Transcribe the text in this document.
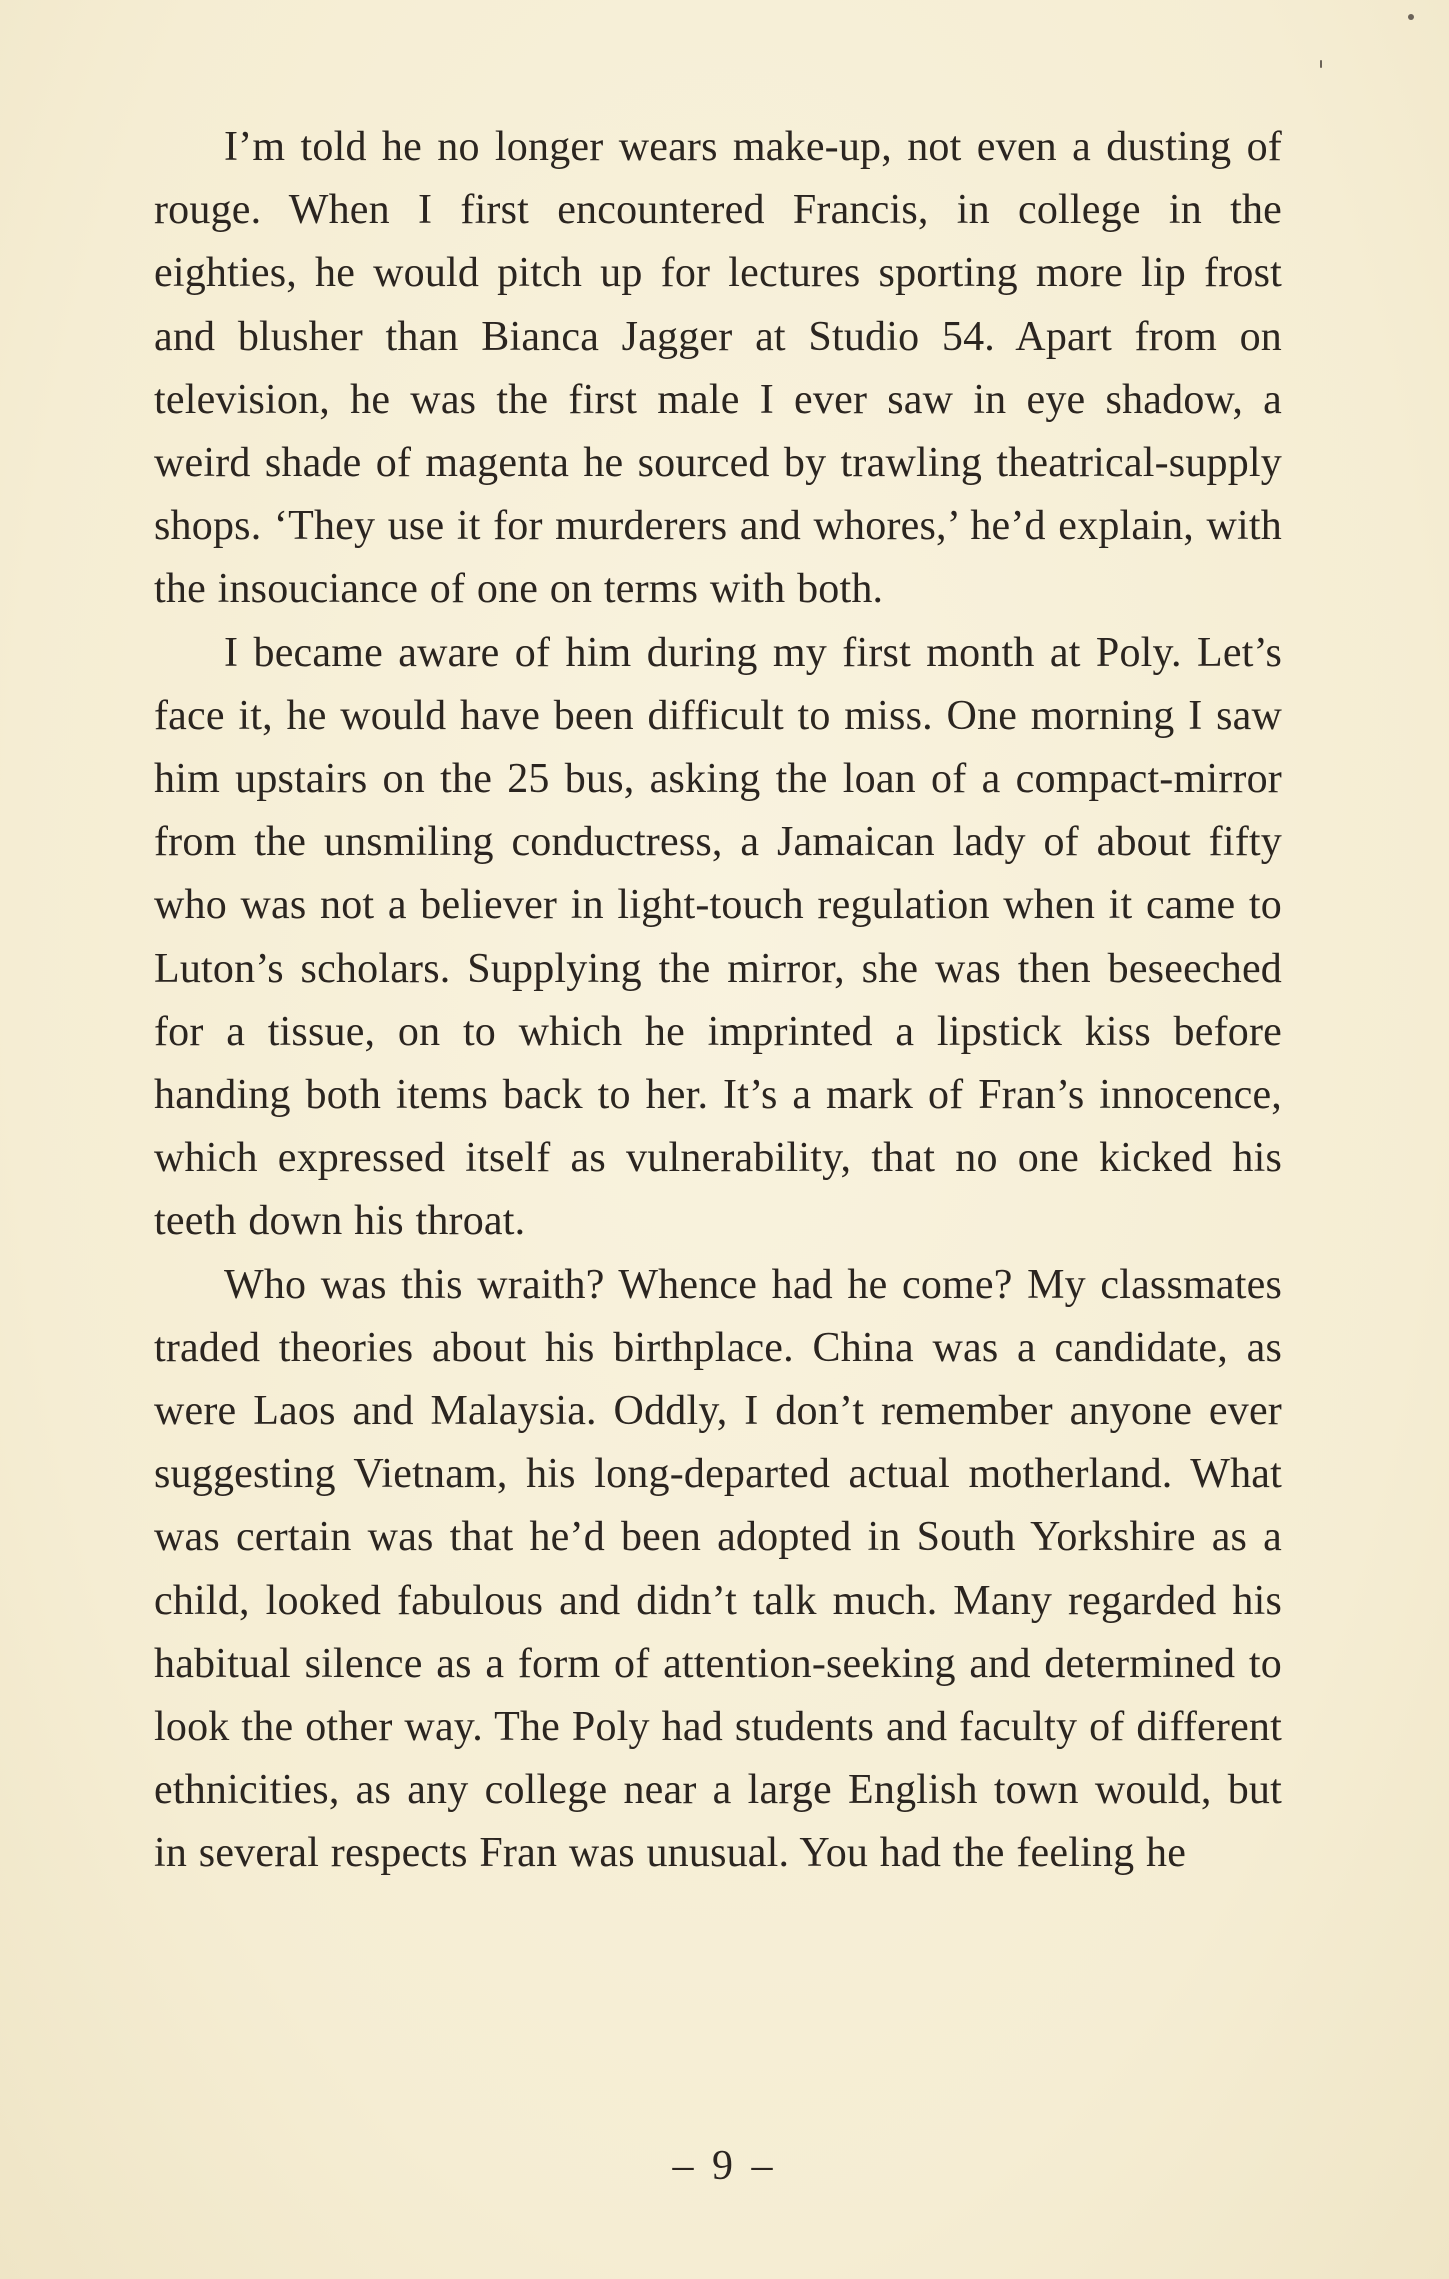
I’m told he no longer wears make-up, not even a dusting of rouge. When I first encountered Francis, in college in the eighties, he would pitch up for lectures sporting more lip frost and blusher than Bianca Jagger at Studio 54. Apart from on television, he was the first male I ever saw in eye shadow, a weird shade of magenta he sourced by trawling theatrical-supply shops. ‘They use it for murderers and whores,’ he’d explain, with the insouciance of one on terms with both.

I became aware of him during my first month at Poly. Let’s face it, he would have been difficult to miss. One morning I saw him upstairs on the 25 bus, asking the loan of a compact-mirror from the unsmiling conductress, a Jamaican lady of about fifty who was not a believer in light-touch regulation when it came to Luton’s scholars. Supplying the mirror, she was then beseeched for a tissue, on to which he imprinted a lipstick kiss before handing both items back to her. It’s a mark of Fran’s innocence, which expressed itself as vulnerability, that no one kicked his teeth down his throat.

Who was this wraith? Whence had he come? My classmates traded theories about his birthplace. China was a candidate, as were Laos and Malaysia. Oddly, I don’t remember anyone ever suggesting Vietnam, his long-departed actual motherland. What was certain was that he’d been adopted in South Yorkshire as a child, looked fabulous and didn’t talk much. Many regarded his habitual silence as a form of attention-seeking and determined to look the other way. The Poly had students and faculty of different ethnicities, as any college near a large English town would, but in several respects Fran was unusual. You had the feeling he

– 9 –
